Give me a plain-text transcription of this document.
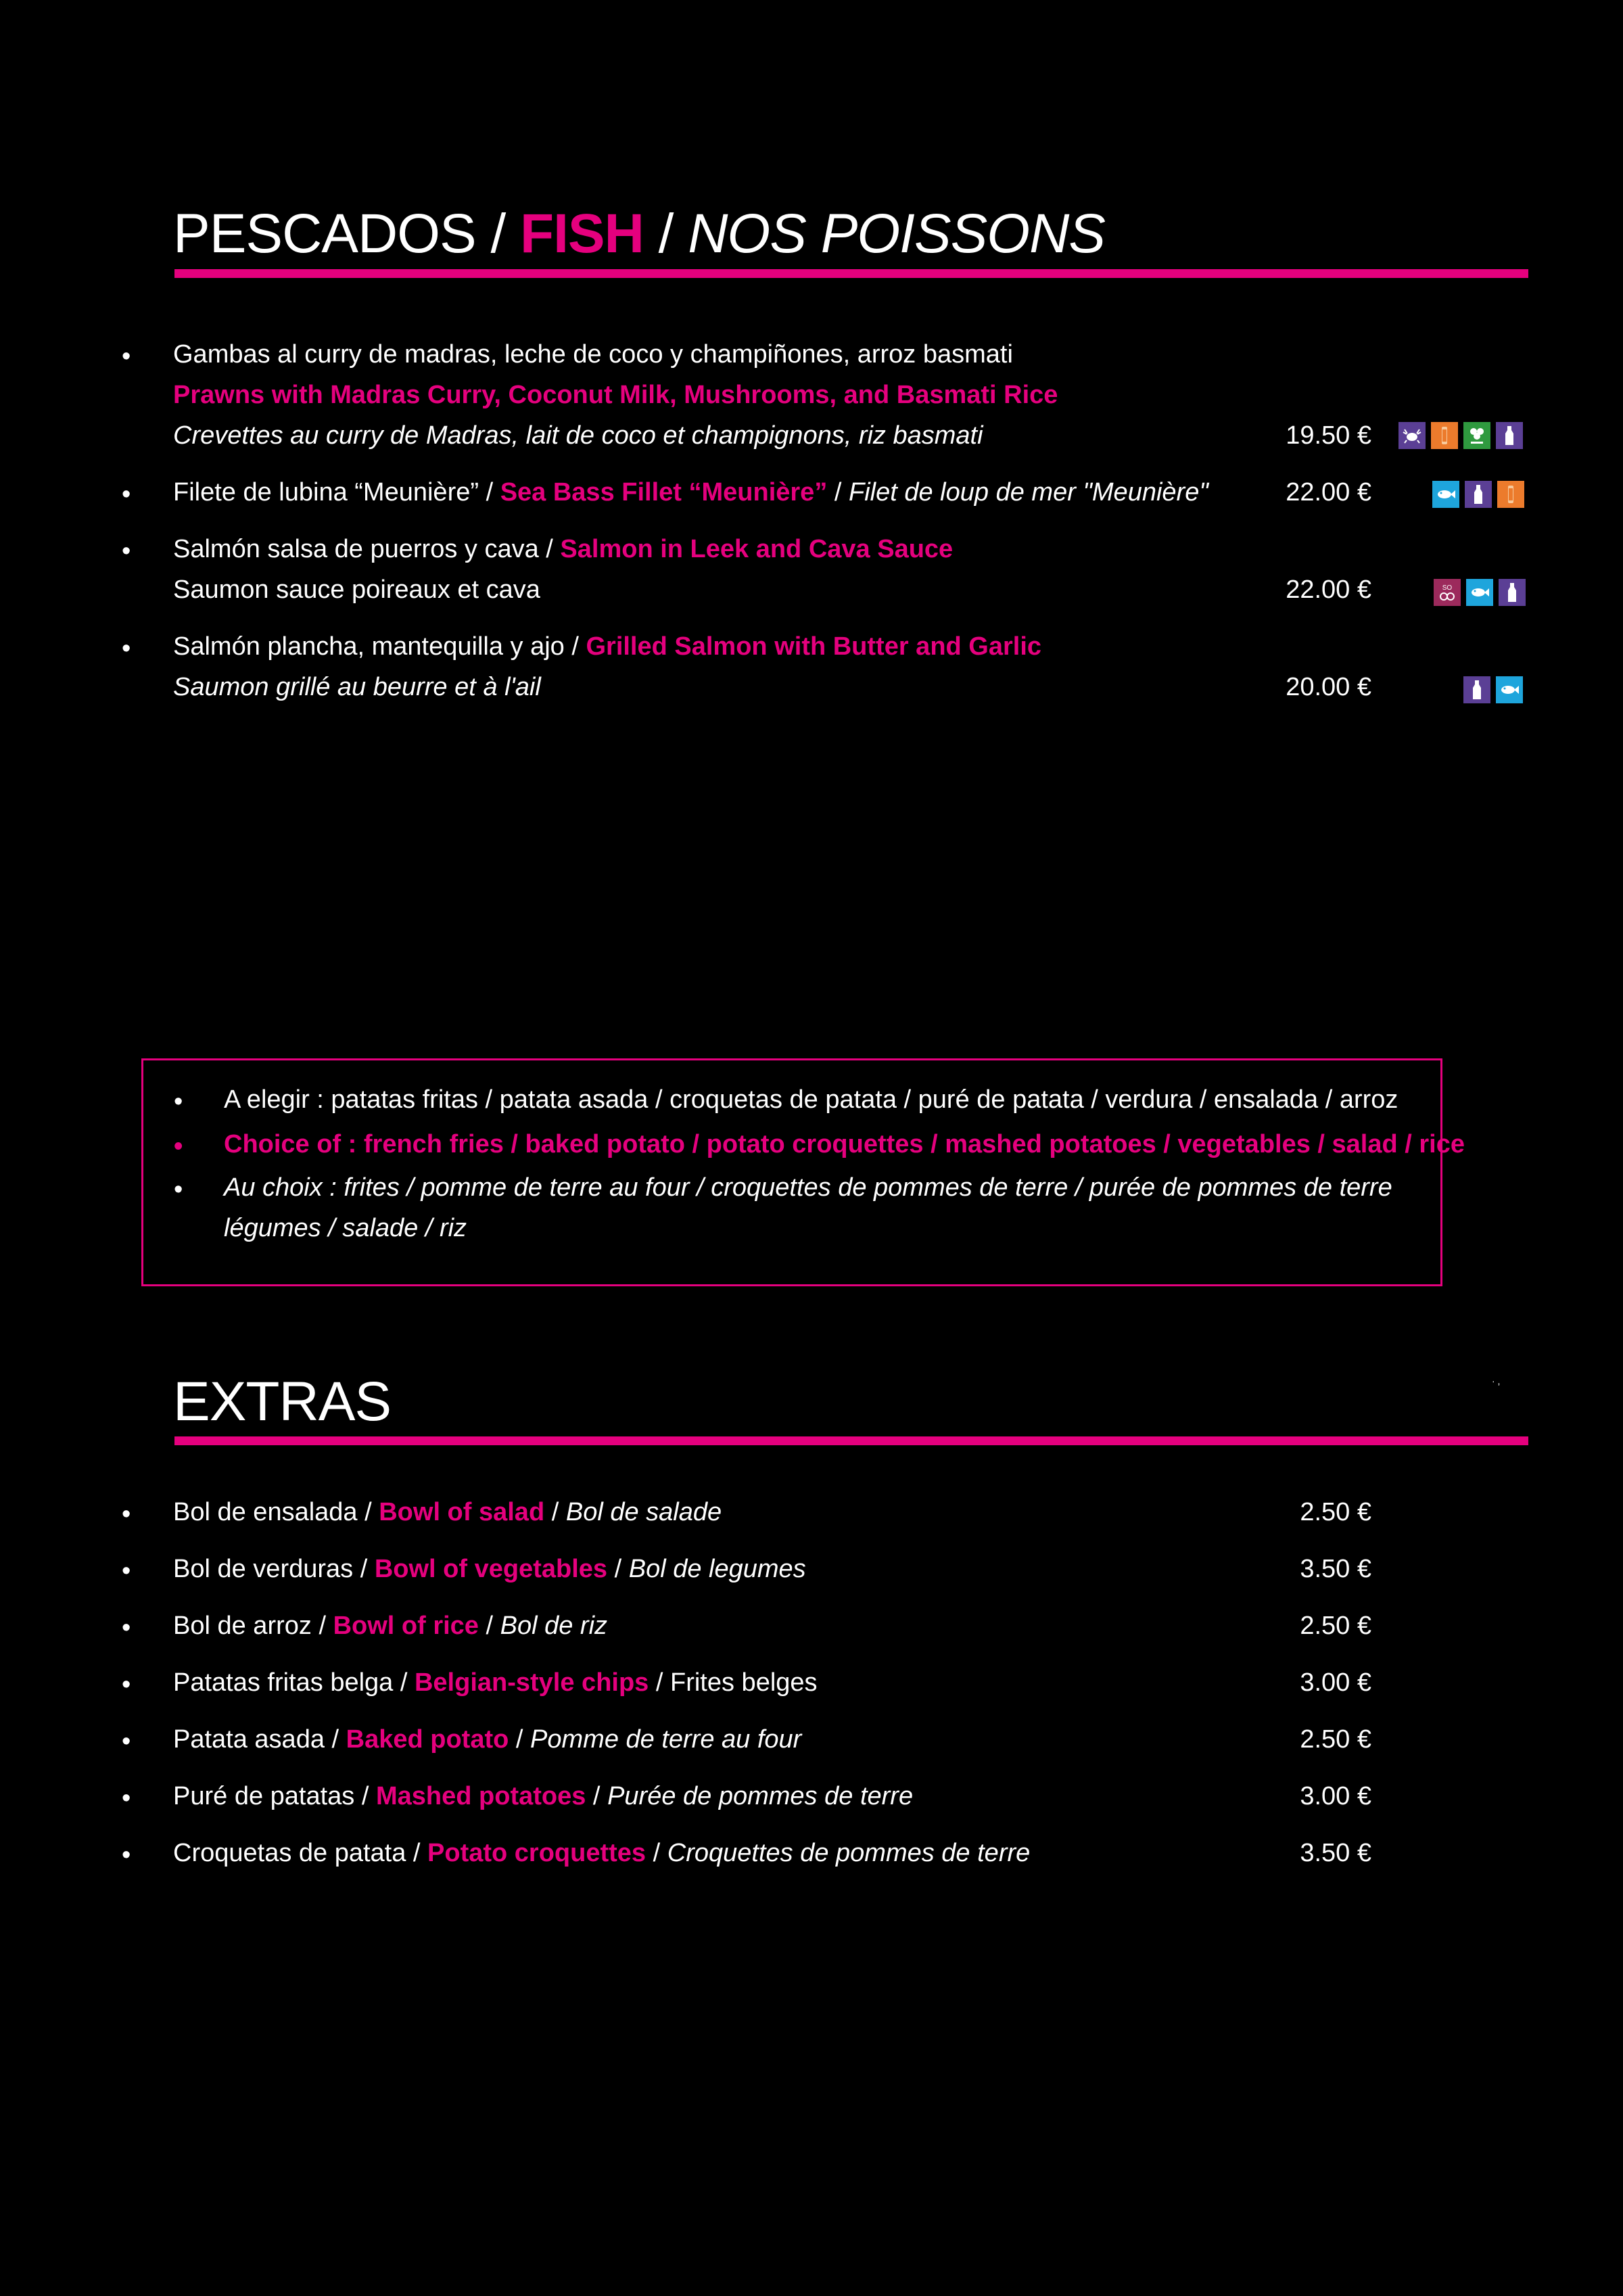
PESCADOS / FISH / NOS POISSONS
• Gambas al curry de madras, leche de coco y champiñones, arroz basmati
Prawns with Madras Curry, Coconut Milk, Mushrooms, and Basmati Rice
Crevettes au curry de Madras, lait de coco et champignons, riz basmati	19.50 €
• Filete de lubina “Meunière” / Sea Bass Fillet “Meunière” / Filet de loup de mer "Meunière"	22.00 €
• Salmón salsa de puerros y cava / Salmon in Leek and Cava Sauce
Saumon sauce poireaux et cava	22.00 €	SO
• Salmón plancha, mantequilla y ajo / Grilled Salmon with Butter and Garlic
Saumon grillé au beurre et à l'ail	20.00 €
• A elegir : patatas fritas / patata asada / croquetas de patata / puré de patata / verdura / ensalada / arroz
• Choice of : french fries / baked potato / potato croquettes / mashed potatoes / vegetables / salad / rice
• Au choix : frites / pomme de terre au four / croquettes de pommes de terre / purée de pommes de terre
légumes / salade / riz
EXTRAS	· ,
• Bol de ensalada / Bowl of salad / Bol de salade	2.50 €
• Bol de verduras / Bowl of vegetables / Bol de legumes	3.50 €
• Bol de arroz / Bowl of rice / Bol de riz	2.50 €
• Patatas fritas belga / Belgian-style chips / Frites belges	3.00 €
• Patata asada / Baked potato / Pomme de terre au four	2.50 €
• Puré de patatas / Mashed potatoes / Purée de pommes de terre	3.00 €
• Croquetas de patata / Potato croquettes / Croquettes de pommes de terre	3.50 €
